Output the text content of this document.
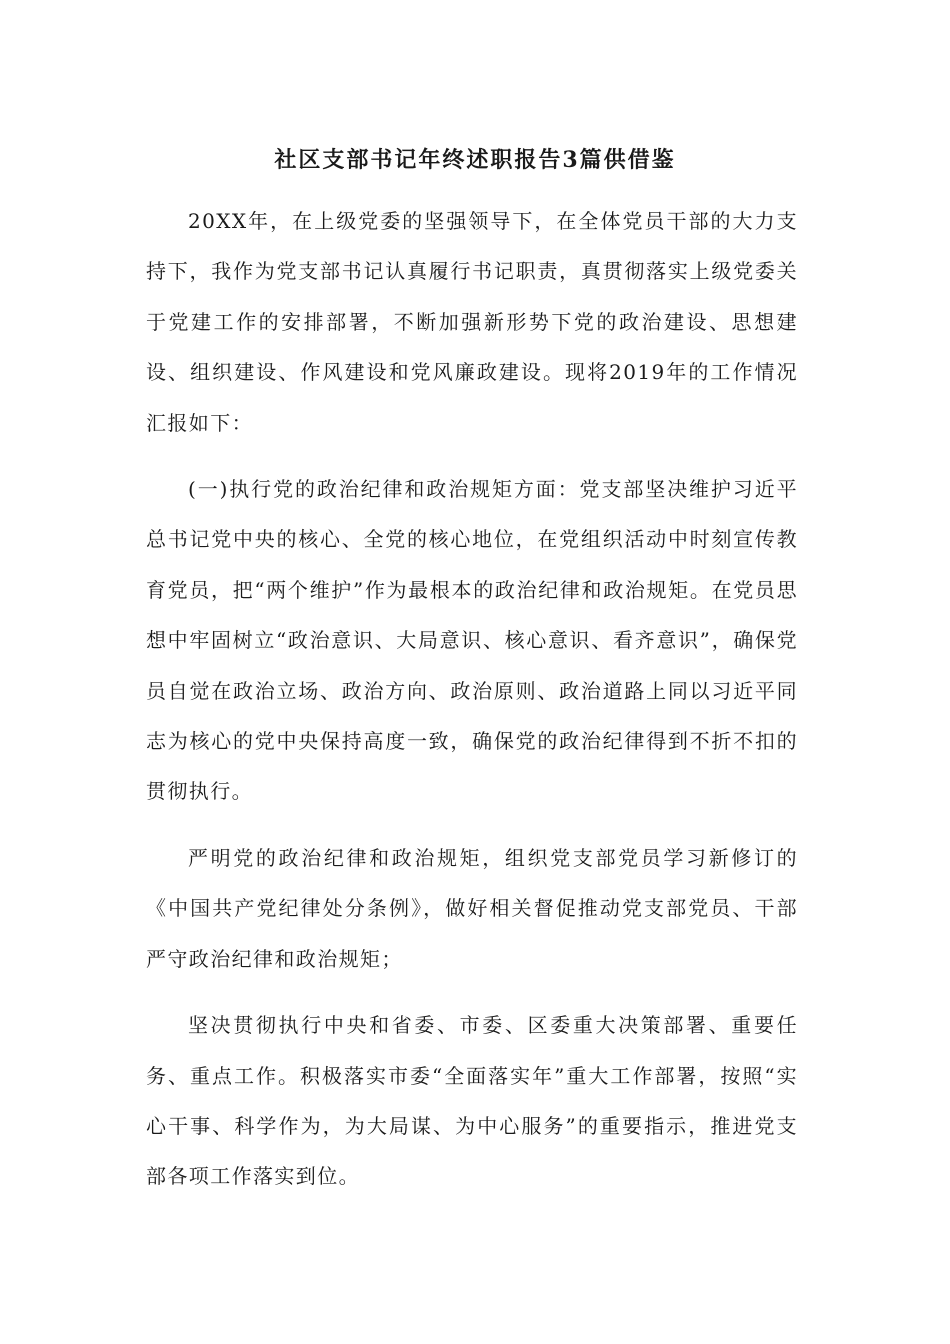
社区支部书记年终述职报告3篇供借鉴

20XX年，在上级党委的坚强领导下，在全体党员干部的大力支持下，我作为党支部书记认真履行书记职责，真贯彻落实上级党委关于党建工作的安排部署，不断加强新形势下党的政治建设、思想建设、组织建设、作风建设和党风廉政建设。现将2019年的工作情况汇报如下：

(一)执行党的政治纪律和政治规矩方面：党支部坚决维护习近平总书记党中央的核心、全党的核心地位，在党组织活动中时刻宣传教育党员，把“两个维护”作为最根本的政治纪律和政治规矩。在党员思想中牢固树立“政治意识、大局意识、核心意识、看齐意识”，确保党员自觉在政治立场、政治方向、政治原则、政治道路上同以习近平同志为核心的党中央保持高度一致，确保党的政治纪律得到不折不扣的贯彻执行。

严明党的政治纪律和政治规矩，组织党支部党员学习新修订的《中国共产党纪律处分条例》，做好相关督促推动党支部党员、干部严守政治纪律和政治规矩；

坚决贯彻执行中央和省委、市委、区委重大决策部署、重要任务、重点工作。积极落实市委“全面落实年”重大工作部署，按照“实心干事、科学作为，为大局谋、为中心服务”的重要指示，推进党支部各项工作落实到位。
